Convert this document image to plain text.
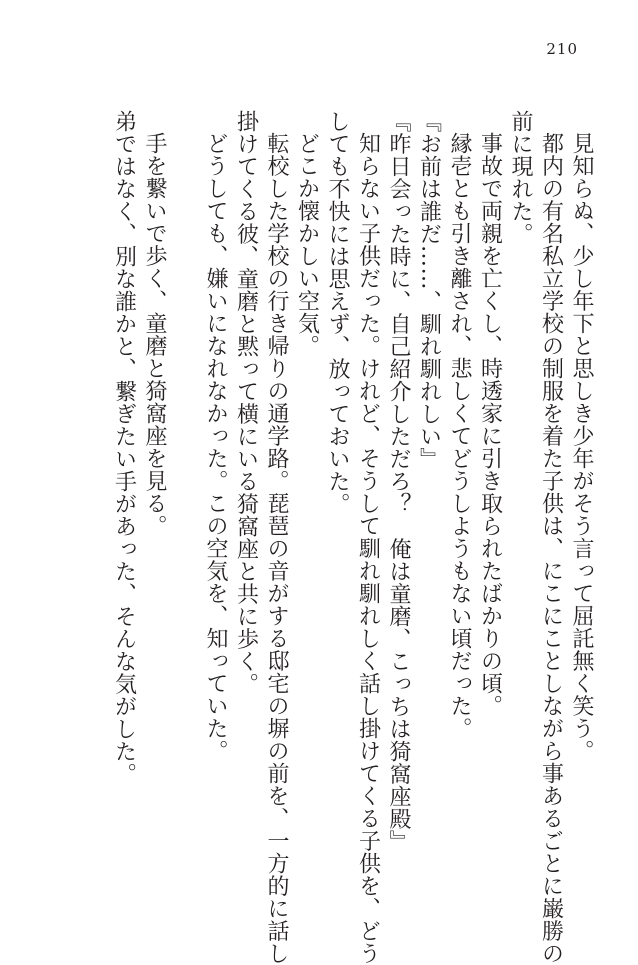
210
見知らぬ、少し年下と思しき少年がそう言って屈託無く笑う。
都内の有名私立学校の制服を着た子供は、にこにことしながら事あるごとに巌勝の
前に現れた。
事故で両親を亡くし、時透家に引き取られたばかりの頃。
縁壱とも引き離され、悲しくてどうしようもない頃だった。
『お前は誰だ……、馴れ馴れしい』
『昨日会った時に、自己紹介しただろ？　俺は童磨、こっちは猗窩座殿』
知らない子供だった。けれど、そうして馴れ馴れしく話し掛けてくる子供を、どう
しても不快には思えず、放っておいた。
どこか懐かしい空気。
転校した学校の行き帰りの通学路。琵琶の音がする邸宅の塀の前を、一方的に話し
掛けてくる彼、童磨と黙って横にいる猗窩座と共に歩く。
どうしても、嫌いになれなかった。この空気を、知っていた。
手を繋いで歩く、童磨と猗窩座を見る。
弟ではなく、別な誰かと、繋ぎたい手があった、そんな気がした。
